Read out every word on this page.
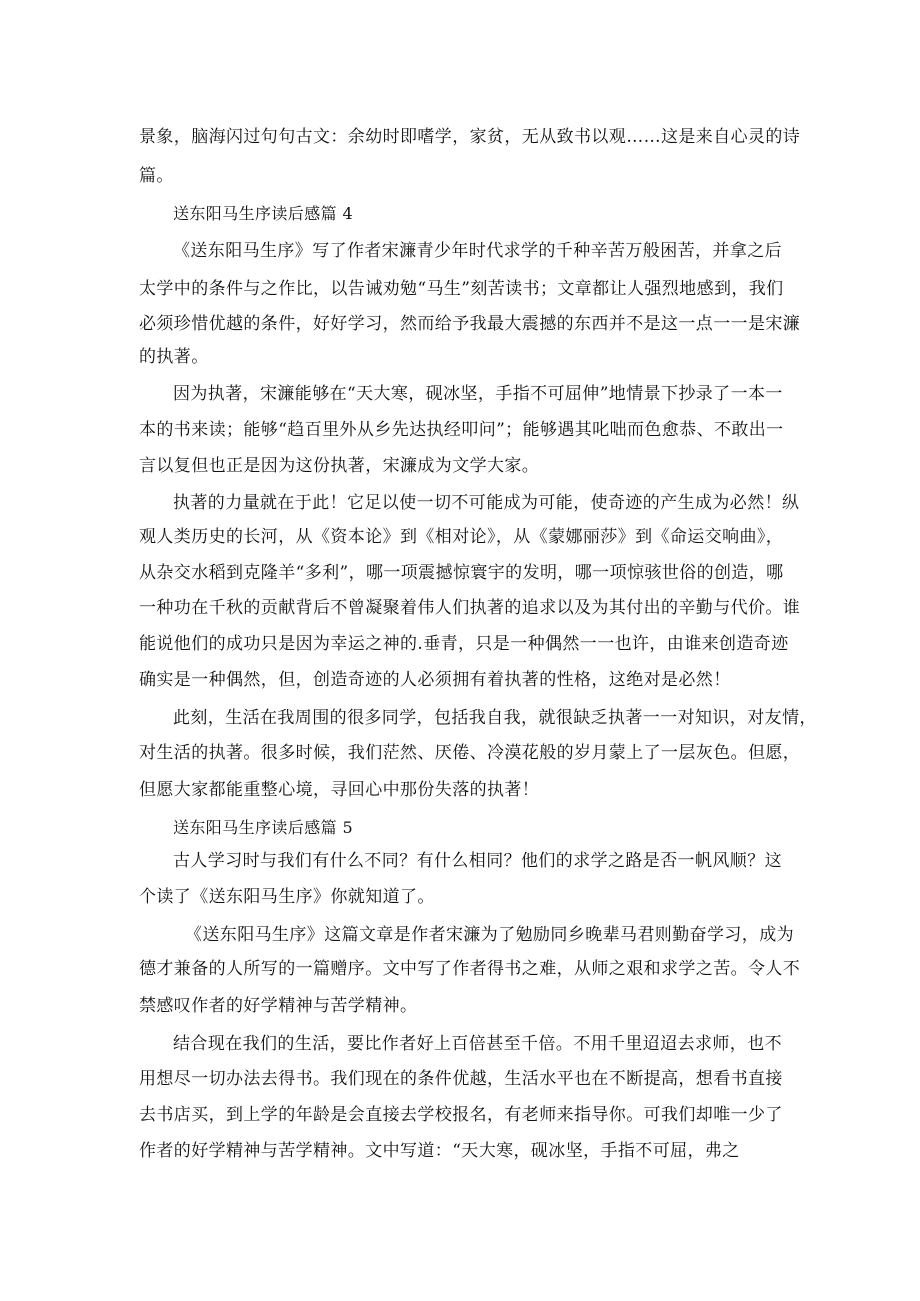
景象，脑海闪过句句古文：余幼时即嗜学，家贫，无从致书以观……这是来自心灵的诗
篇。
送东阳马生序读后感篇 4
《送东阳马生序》写了作者宋濂青少年时代求学的千种辛苦万般困苦，并拿之后
太学中的条件与之作比，以告诫劝勉“马生”刻苦读书；文章都让人强烈地感到，我们
必须珍惜优越的条件，好好学习，然而给予我最大震撼的东西并不是这一点一一是宋濂
的执著。
因为执著，宋濂能够在“天大寒，砚冰坚，手指不可屈伸”地情景下抄录了一本一
本的书来读；能够“趋百里外从乡先达执经叩问”；能够遇其叱咄而色愈恭、不敢出一
言以复但也正是因为这份执著，宋濂成为文学大家。
执著的力量就在于此！它足以使一切不可能成为可能，使奇迹的产生成为必然！纵
观人类历史的长河，从《资本论》到《相对论》，从《蒙娜丽莎》到《命运交响曲》，
从杂交水稻到克隆羊“多利”，哪一项震撼惊寰宇的发明，哪一项惊骇世俗的创造，哪
一种功在千秋的贡献背后不曾凝聚着伟人们执著的追求以及为其付出的辛勤与代价。谁
能说他们的成功只是因为幸运之神的.垂青，只是一种偶然一一也许，由谁来创造奇迹
确实是一种偶然，但，创造奇迹的人必须拥有着执著的性格，这绝对是必然！
此刻，生活在我周围的很多同学，包括我自我，就很缺乏执著一一对知识，对友情，
对生活的执著。很多时候，我们茫然、厌倦、冷漠花般的岁月蒙上了一层灰色。但愿，
但愿大家都能重整心境，寻回心中那份失落的执著！
送东阳马生序读后感篇 5
古人学习时与我们有什么不同？有什么相同？他们的求学之路是否一帆风顺？这
个读了《送东阳马生序》你就知道了。
《送东阳马生序》这篇文章是作者宋濂为了勉励同乡晚辈马君则勤奋学习，成为
德才兼备的人所写的一篇赠序。文中写了作者得书之难，从师之艰和求学之苦。令人不
禁感叹作者的好学精神与苦学精神。
结合现在我们的生活，要比作者好上百倍甚至千倍。不用千里迢迢去求师，也不
用想尽一切办法去得书。我们现在的条件优越，生活水平也在不断提高，想看书直接
去书店买，到上学的年龄是会直接去学校报名，有老师来指导你。可我们却唯一少了
作者的好学精神与苦学精神。文中写道：“天大寒，砚冰坚，手指不可屈，弗之
